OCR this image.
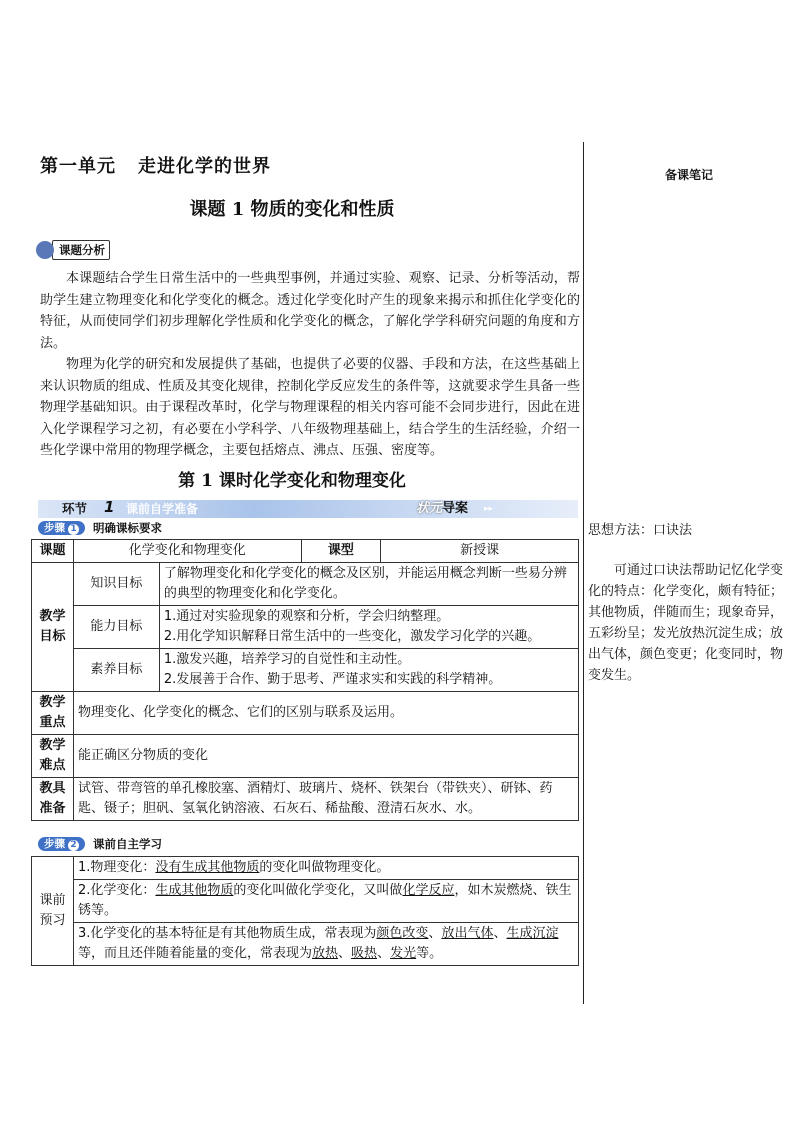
第一单元 走进化学的世界
课题 1 物质的变化和性质
备课笔记
课题分析
本课题结合学生日常生活中的一些典型事例，并通过实验、观察、记录、分析等活动，帮助学生建立物理变化和化学变化的概念。透过化学变化时产生的现象来揭示和抓住化学变化的特征，从而使同学们初步理解化学性质和化学变化的概念，了解化学学科研究问题的角度和方法。
物理为化学的研究和发展提供了基础，也提供了必要的仪器、手段和方法，在这些基础上来认识物质的组成、性质及其变化规律，控制化学反应发生的条件等，这就要求学生具备一些物理学基础知识。由于课程改革时，化学与物理课程的相关内容可能不会同步进行，因此在进入化学课程学习之初，有必要在小学科学、八年级物理基础上，结合学生的生活经验，介绍一些化学课中常用的物理学概念，主要包括熔点、沸点、压强、密度等。
第 1 课时化学变化和物理变化
环节 1 课前自学准备	状元导案 ▸▸
步骤 1	明确课标要求
课题	化学变化和物理变化		课型	新授课
教学目标	知识目标	了解物理变化和化学变化的概念及区别，并能运用概念判断一些易分辨的典型的物理变化和化学变化。		
	能力目标	1.通过对实验现象的观察和分析，学会归纳整理。
2.用化学知识解释日常生活中的一些变化，激发学习化学的兴趣。		

	素养目标	1.激发兴趣，培养学习的自觉性和主动性。
2.发展善于合作、勤于思考、严谨求实和实践的科学精神。		

教学重点	物理变化、化学变化的概念、它们的区别与联系及运用。			
教学难点	能正确区分物质的变化			
教具准备	试管、带弯管的单孔橡胶塞、酒精灯、玻璃片、烧杯、铁架台（带铁夹）、研钵、药匙、镊子；胆矾、氢氧化钠溶液、石灰石、稀盐酸、澄清石灰水、水。			
步骤 2	课前自主学习
课前预习	1.物理变化：没有生成其他物质的变化叫做物理变化。
2.化学变化：生成其他物质的变化叫做化学变化，又叫做化学反应，如木炭燃烧、铁生锈等。
3.化学变化的基本特征是有其他物质生成，常表现为颜色改变、放出气体、生成沉淀等，而且还伴随着能量的变化，常表现为放热、吸热、发光等。
思想方法：口诀法
可通过口诀法帮助记忆化学变化的特点：化学变化，颇有特征；其他物质，伴随而生；现象奇异，五彩纷呈；发光放热沉淀生成；放出气体，颜色变更；化变同时，物变发生。
